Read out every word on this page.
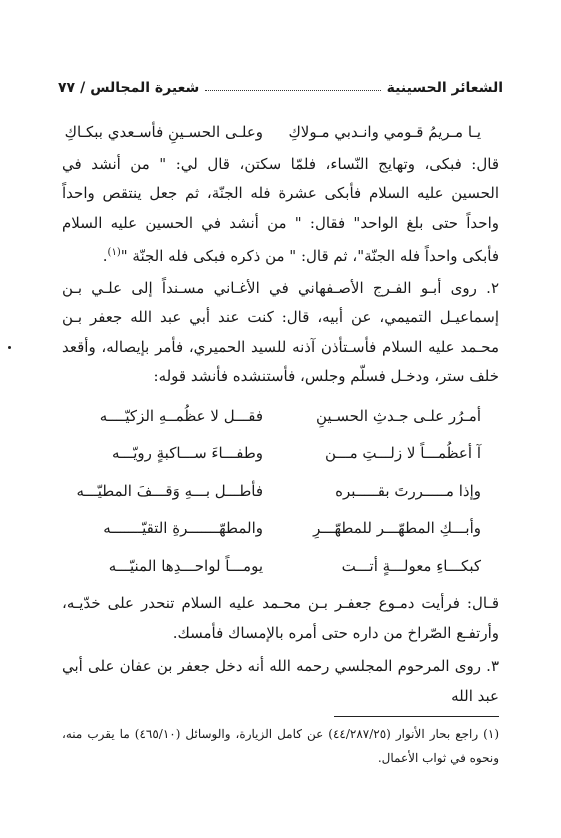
الشعائر الحسينية
شعيرة المجالس
/
٧٧
يـا مـريمُ قـومي وانـدبي مـولاكِ
وعلـى الحسـينِ فأسـعدي ببكـاكِ

قال: فبكى، وتهايج النّساء، فلمّا سكتن، قال لي: " من أنشد في الحسين عليه السلام فأبكى عشرة فله الجنّة، ثم جعل ينتقص واحداً واحداً حتى بلغ الواحد" فقال: " من أنشد في الحسين عليه السلام فأبكى واحداً فله الجنّة"، ثم قال: " من ذكره فبكى فله الجنّة "$^{(١)}$.

٢. روى أبـو الفـرج الأصـفهاني في الأغـاني مسـنداً إلى علـي بـن إسماعيـل التميمي، عن أبيه، قال: كنت عند أبي عبد الله جعفر بـن محـمد عليه السلام فأسـتأذن آذنه للسيد الحميري، فأمر بإيصاله، وأقعد خلف ستر، ودخـل فسلّم وجلس، فأستنشده فأنشد قوله:

أمـرُر علـى جـدثِ الحسـينِ
فقـــل لا عظُمــهِ الزكيّــــه
آ أعظُمـــاً لا زلـــتِ مـــن
وطفـــاءَ ســـاكبةٍ رويّـــه
وإذا مـــــررتَ بقـــــبره
فأطـــل بـــهِ وَقـــفَ المطيّـــه
وأبـــكِ المطهّـــر للمطهّـــرِ
والمطهّـــــــرةِ التقيّـــــــه
كبكـــاءِ معولـــةٍ أتـــت
يومـــاً لواحـــدِها المنيّـــه

قـال: فرأيت دمـوع جعفـر بـن محـمد عليه السلام تنحدر على خدّيـه، وأرتفـع الصّراخ من داره حتى أمره بالإمساك فأمسك.

٣. روى المرحوم المجلسي رحمه الله أنه دخل جعفر بن عفان على أبي عبد الله

(١) راجع بحار الأنوار (٤٤/٢٨٧/٢٥) عن كامل الزيارة، والوسائل (٤٦٥/١٠) ما يقرب منه، ونحوه في ثواب الأعمال.
